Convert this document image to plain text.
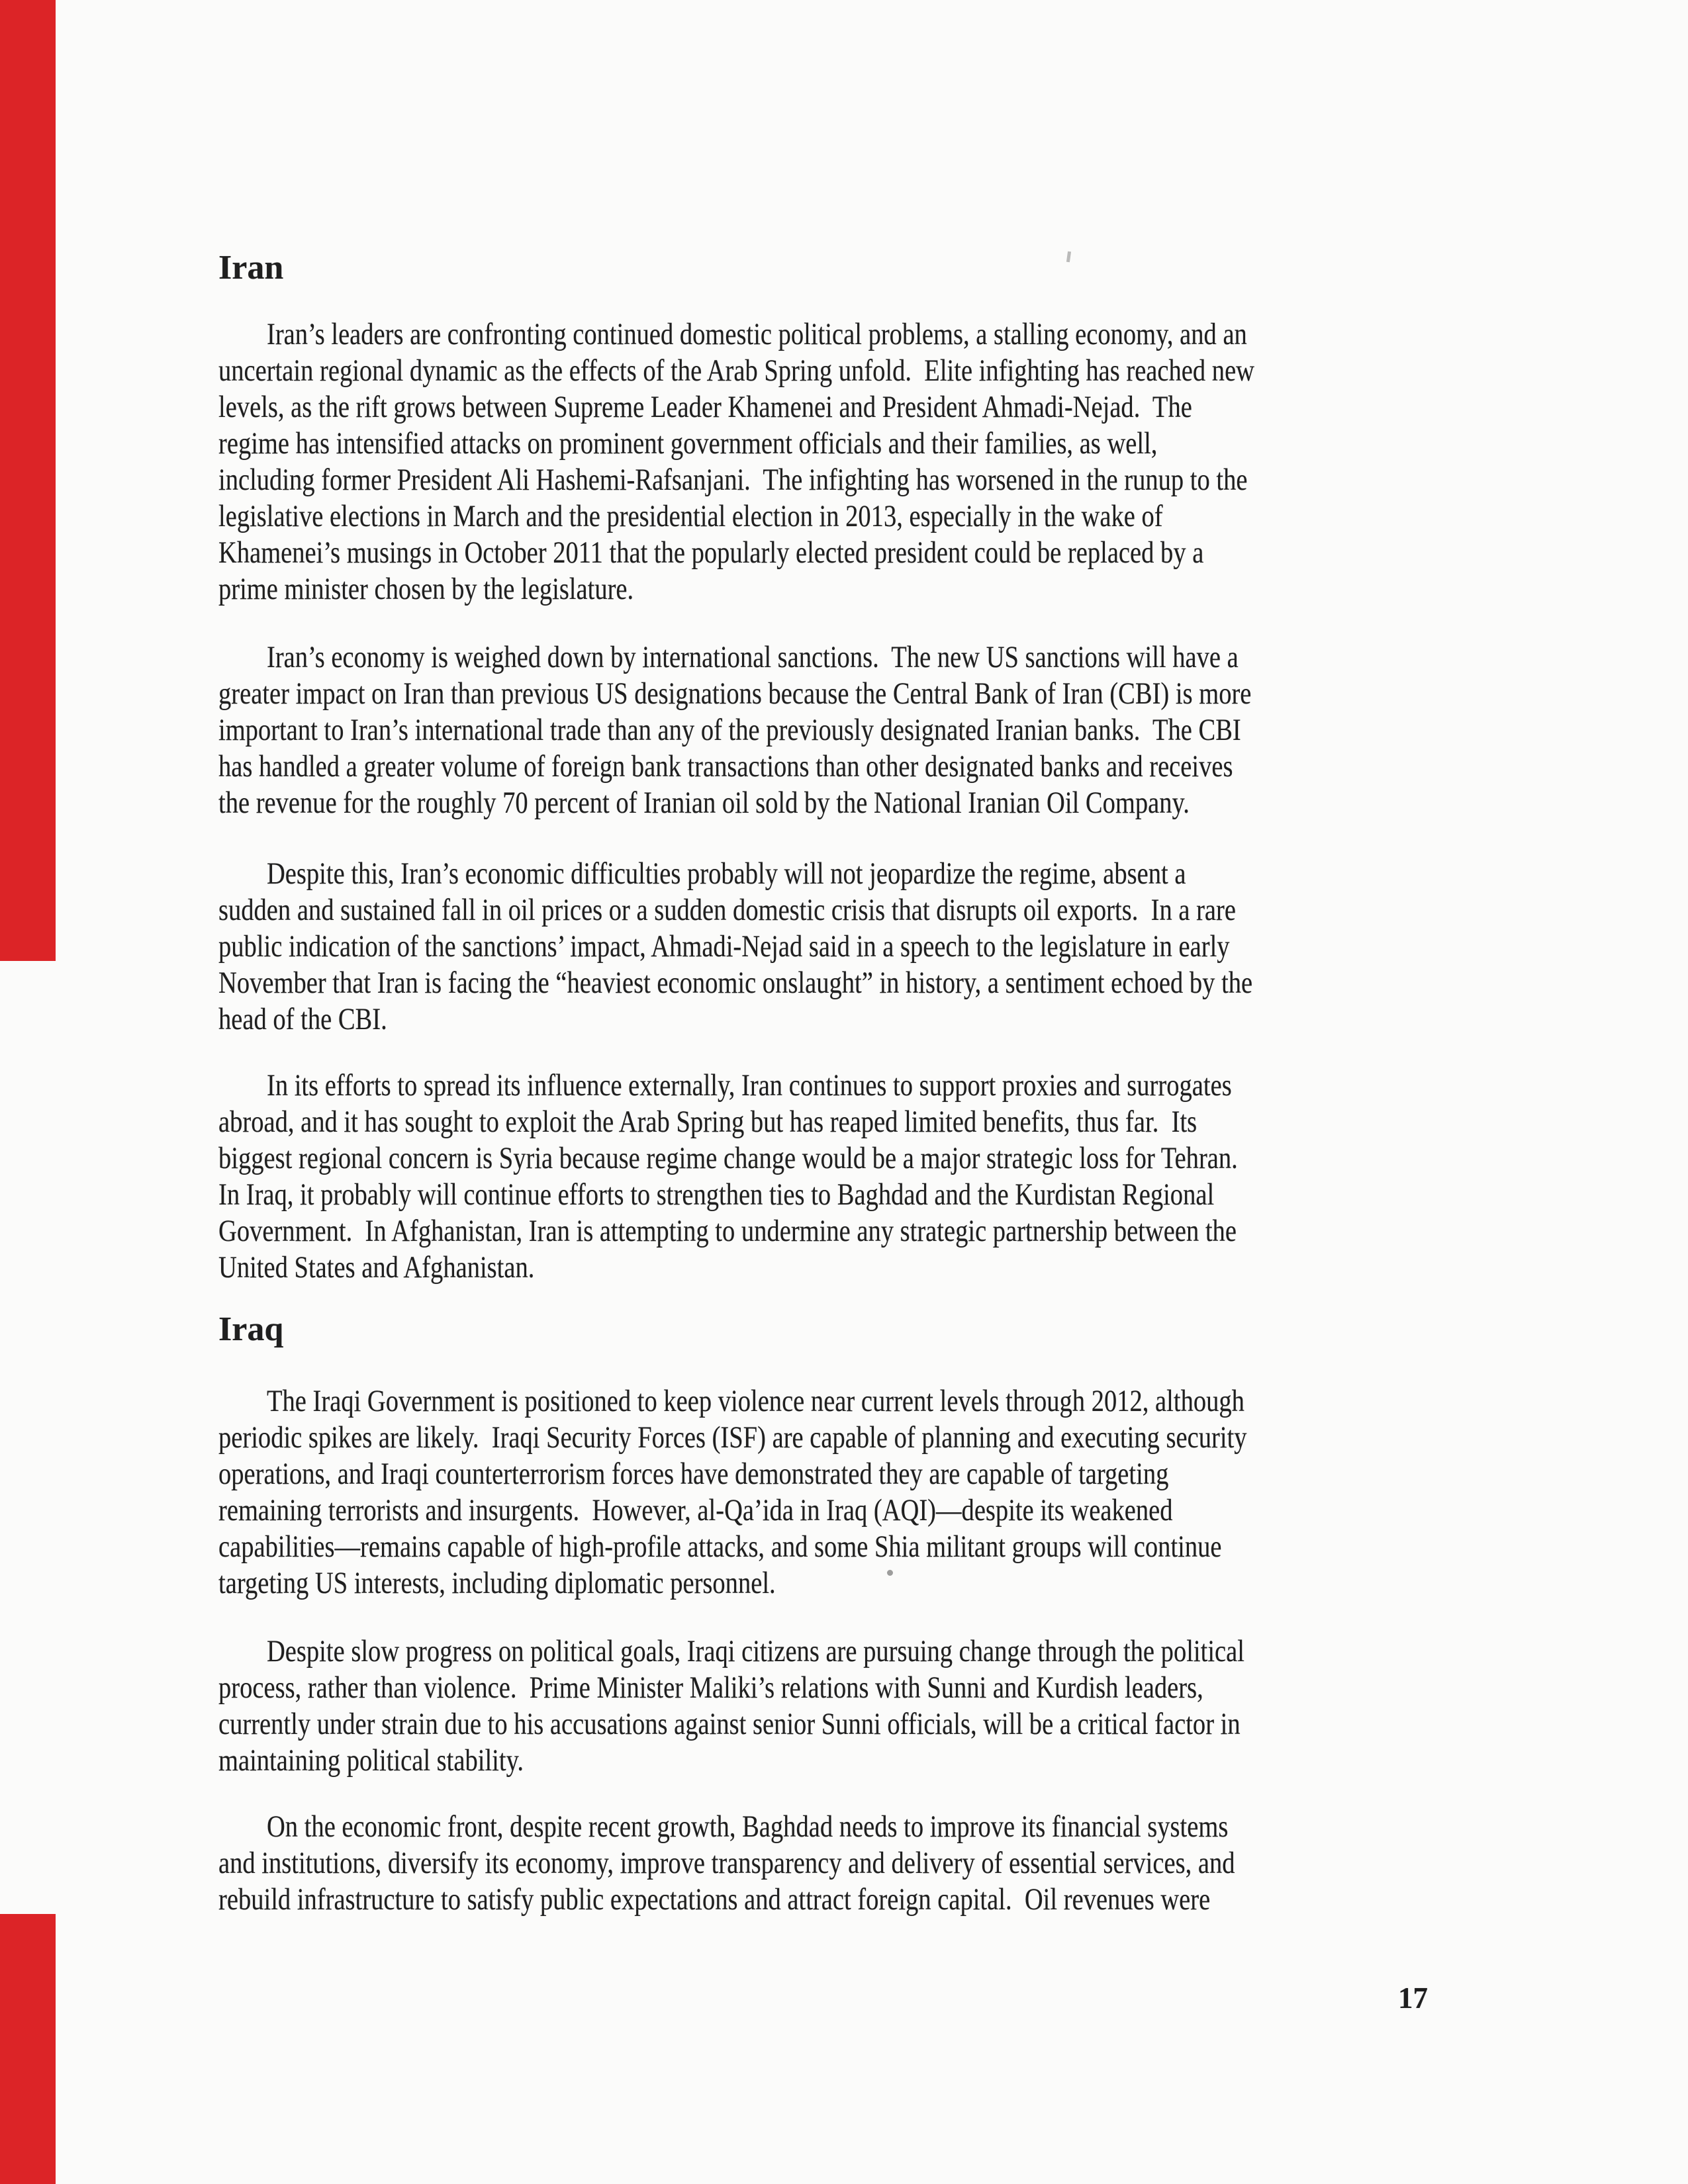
Iran
Iran’s leaders are confronting continued domestic political problems, a stalling economy, and an
uncertain regional dynamic as the effects of the Arab Spring unfold.  Elite infighting has reached new
levels, as the rift grows between Supreme Leader Khamenei and President Ahmadi-Nejad.  The
regime has intensified attacks on prominent government officials and their families, as well,
including former President Ali Hashemi-Rafsanjani.  The infighting has worsened in the runup to the
legislative elections in March and the presidential election in 2013, especially in the wake of
Khamenei’s musings in October 2011 that the popularly elected president could be replaced by a
prime minister chosen by the legislature.
Iran’s economy is weighed down by international sanctions.  The new US sanctions will have a
greater impact on Iran than previous US designations because the Central Bank of Iran (CBI) is more
important to Iran’s international trade than any of the previously designated Iranian banks.  The CBI
has handled a greater volume of foreign bank transactions than other designated banks and receives
the revenue for the roughly 70 percent of Iranian oil sold by the National Iranian Oil Company.
Despite this, Iran’s economic difficulties probably will not jeopardize the regime, absent a
sudden and sustained fall in oil prices or a sudden domestic crisis that disrupts oil exports.  In a rare
public indication of the sanctions’ impact, Ahmadi-Nejad said in a speech to the legislature in early
November that Iran is facing the “heaviest economic onslaught” in history, a sentiment echoed by the
head of the CBI.
In its efforts to spread its influence externally, Iran continues to support proxies and surrogates
abroad, and it has sought to exploit the Arab Spring but has reaped limited benefits, thus far.  Its
biggest regional concern is Syria because regime change would be a major strategic loss for Tehran.
In Iraq, it probably will continue efforts to strengthen ties to Baghdad and the Kurdistan Regional
Government.  In Afghanistan, Iran is attempting to undermine any strategic partnership between the
United States and Afghanistan.
Iraq
The Iraqi Government is positioned to keep violence near current levels through 2012, although
periodic spikes are likely.  Iraqi Security Forces (ISF) are capable of planning and executing security
operations, and Iraqi counterterrorism forces have demonstrated they are capable of targeting
remaining terrorists and insurgents.  However, al-Qa’ida in Iraq (AQI)—despite its weakened
capabilities—remains capable of high-profile attacks, and some Shia militant groups will continue
targeting US interests, including diplomatic personnel.
Despite slow progress on political goals, Iraqi citizens are pursuing change through the political
process, rather than violence.  Prime Minister Maliki’s relations with Sunni and Kurdish leaders,
currently under strain due to his accusations against senior Sunni officials, will be a critical factor in
maintaining political stability.
On the economic front, despite recent growth, Baghdad needs to improve its financial systems
and institutions, diversify its economy, improve transparency and delivery of essential services, and
rebuild infrastructure to satisfy public expectations and attract foreign capital.  Oil revenues were
17
